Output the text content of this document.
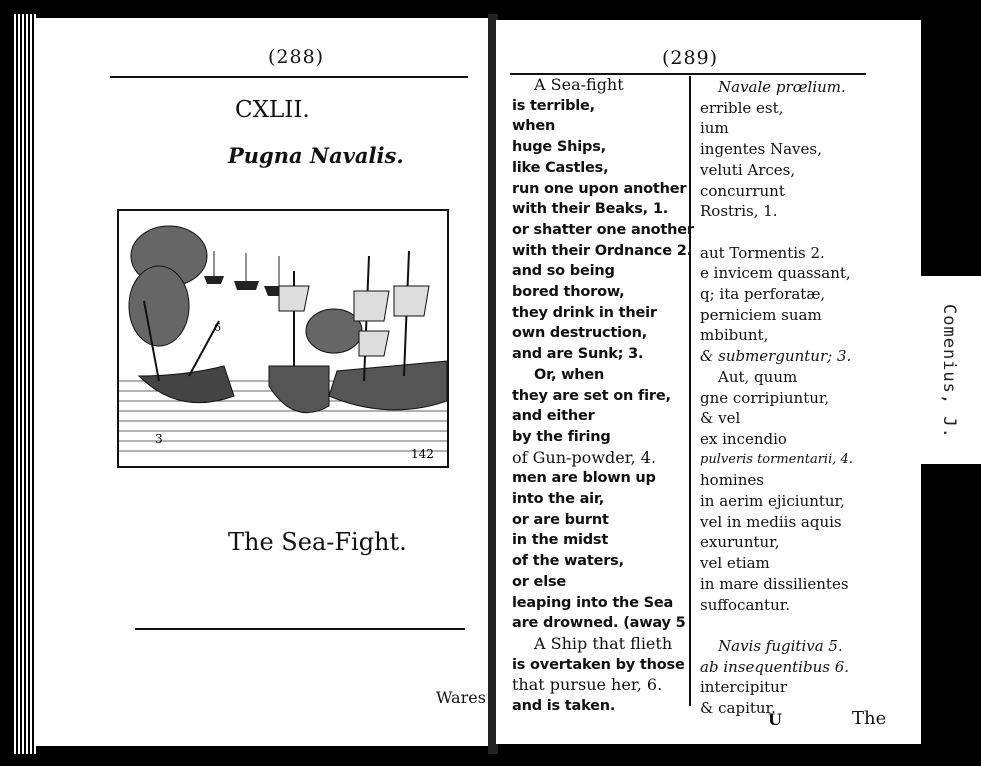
(288)
CXLII.
Pugna Navalis.
3
6
142
The Sea-Fight.
Wares
(289)
A Sea-fight
is terrible,
when
huge Ships,
like Castles,
run one upon another
with their Beaks, 1.
or shatter one another
with their Ordnance 2.
and so being
bored thorow,
they drink in their
own destruction,
and are Sunk; 3.
Or, when
they are set on fire,
and either
by the firing
of Gun-powder, 4.
men are blown up
into the air,
or are burnt
in the midst
of the waters,
or else
leaping into the Sea
are drowned. (away 5
A Ship that flieth
is overtaken by those
that pursue her, 6.
and is taken.
Navale prœlium.
errible est,
ium
ingentes Naves,
veluti Arces,
concurrunt
Rostris, 1.

aut Tormentis 2.
e invicem quassant,
q; ita perforatæ,
perniciem suam
mbibunt,
& submerguntur; 3.
Aut, quum
gne corripiuntur,
& vel
ex incendio
pulveris tormentarii, 4.
homines
in aerim ejiciuntur,
vel in mediis aquis
exuruntur,
vel etiam
in mare dissilientes
suffocantur.

Navis fugitiva 5.
ab insequentibus 6.
intercipitur
& capitur.
U	The
Comenius, J.
